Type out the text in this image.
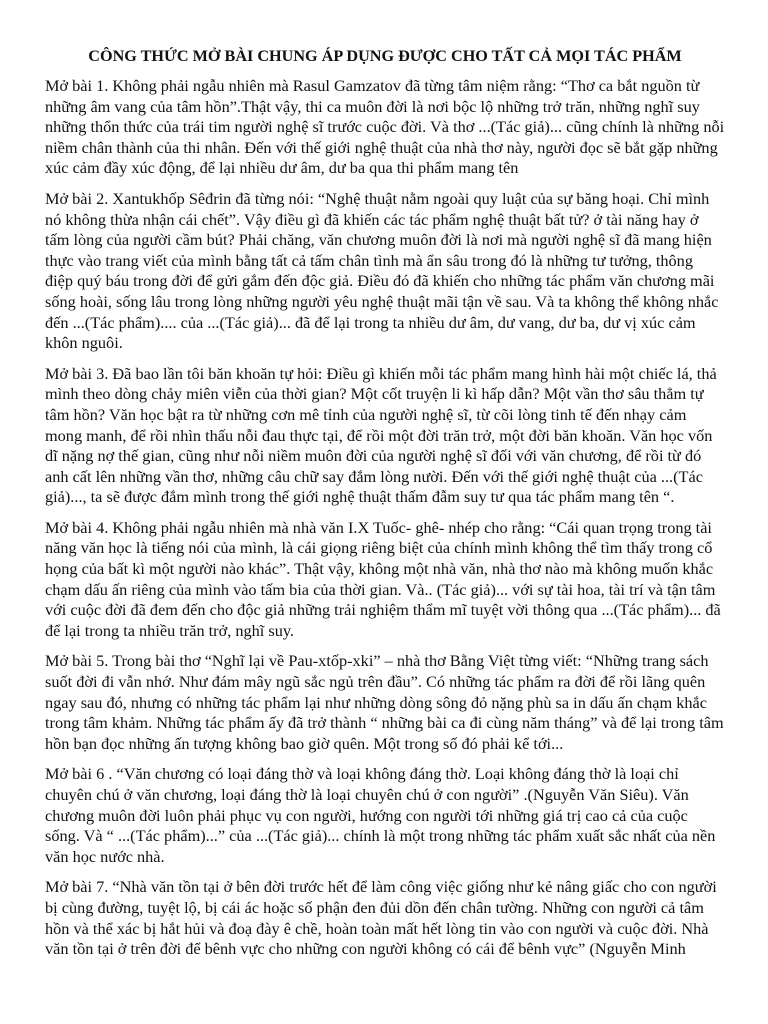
CÔNG THỨC MỞ BÀI CHUNG ÁP DỤNG ĐƯỢC CHO TẤT CẢ MỌI TÁC PHẨM

Mở bài 1. Không phải ngẫu nhiên mà Rasul Gamzatov đã từng tâm niệm rằng: “Thơ ca bắt nguồn từ những âm vang của tâm hồn”.Thật vậy, thi ca muôn đời là nơi bộc lộ những trở trăn, những nghĩ suy những thổn thức của trái tim người nghệ sĩ trước cuộc đời. Và thơ ...(Tác giả)... cũng chính là những nỗi niềm chân thành của thi nhân. Đến với thế giới nghệ thuật của nhà thơ này, người đọc sẽ bắt gặp những xúc cảm đầy xúc động, để lại nhiều dư âm, dư ba qua thi phẩm mang tên

Mở bài 2. Xantukhốp Sêđrin đã từng nói: “Nghệ thuật nằm ngoài quy luật của sự băng hoại. Chỉ mình nó không thừa nhận cái chết”. Vậy điều gì đã khiến các tác phẩm nghệ thuật bất tử? ở tài năng hay ở tấm lòng của người cầm bút? Phải chăng, văn chương muôn đời là nơi mà người nghệ sĩ đã mang hiện thực vào trang viết của mình bằng tất cả tấm chân tình mà ẩn sâu trong đó là những tư tưởng, thông điệp quý báu trong đời để gửi gắm đến độc giả. Điều đó đã khiến cho những tác phẩm văn chương mãi sống hoài, sống lâu trong lòng những người yêu nghệ thuật mãi tận về sau. Và ta không thể không nhắc đến ...(Tác phẩm).... của ...(Tác giả)... đã để lại trong ta nhiều dư âm, dư vang, dư ba, dư vị xúc cảm khôn nguôi.

Mở bài 3. Đã bao lần tôi băn khoăn tự hỏi: Điều gì khiến mỗi tác phẩm mang hình hài một chiếc lá, thả mình theo dòng chảy miên viễn của thời gian? Một cốt truyện li kì hấp dẫn? Một vần thơ sâu thẳm tự tâm hồn? Văn học bật ra từ những cơn mê tỉnh của người nghệ sĩ, từ cõi lòng tinh tế đến nhạy cảm mong manh, để rồi nhìn thấu nỗi đau thực tại, để rồi một đời trăn trở, một đời băn khoăn. Văn học vốn dĩ nặng nợ thế gian, cũng như nỗi niềm muôn đời của người nghệ sĩ đối với văn chương, để rồi từ đó anh cất lên những vần thơ, những câu chữ say đắm lòng nười. Đến với thế giới nghệ thuật của ...(Tác giả)..., ta sẽ được đắm mình trong thế giới nghệ thuật thấm đẫm suy tư qua tác phẩm mang tên “.

Mở bài 4. Không phải ngẫu nhiên mà nhà văn I.X Tuốc- ghê- nhép cho rằng: “Cái quan trọng trong tài năng văn học là tiếng nói của mình, là cái giọng riêng biệt của chính mình không thể tìm thấy trong cổ họng của bất kì một người nào khác”. Thật vậy, không một nhà văn, nhà thơ nào mà không muốn khắc chạm dấu ấn riêng của mình vào tấm bia của thời gian. Và.. (Tác giả)... với sự tài hoa, tài trí và tận tâm với cuộc đời đã đem đến cho độc giả những trải nghiệm thẩm mĩ tuyệt vời thông qua ...(Tác phẩm)... đã để lại trong ta nhiều trăn trở, nghĩ suy.

Mở bài 5. Trong bài thơ “Nghĩ lại về Pau-xtốp-xki” – nhà thơ Bằng Việt từng viết: “Những trang sách suốt đời đi vẫn nhớ. Như đám mây ngũ sắc ngủ trên đầu”. Có những tác phẩm ra đời để rồi lãng quên ngay sau đó, nhưng có những tác phẩm lại như những dòng sông đỏ nặng phù sa in dấu ấn chạm khắc trong tâm khảm. Những tác phẩm ấy đã trở thành “ những bài ca đi cùng năm tháng” và để lại trong tâm hồn bạn đọc những ấn tượng không bao giờ quên. Một trong số đó phải kể tới...

Mở bài 6 . “Văn chương có loại đáng thờ và loại không đáng thờ. Loại không đáng thờ là loại chỉ chuyên chú ở văn chương, loại đáng thờ là loại chuyên chú ở con người” .(Nguyễn Văn Siêu). Văn chương muôn đời luôn phải phục vụ con người, hướng con người tới những giá trị cao cả của cuộc sống. Và “ ...(Tác phẩm)...” của ...(Tác giả)... chính là một trong những tác phẩm xuất sắc nhất của nền văn học nước nhà.

Mở bài 7. “Nhà văn tồn tại ở bên đời trước hết để làm công việc giống như kẻ nâng giấc cho con người bị cùng đường, tuyệt lộ, bị cái ác hoặc số phận đen đủi dồn đến chân tường. Những con người cả tâm hồn và thể xác bị hắt hủi và đoạ đày ê chề, hoàn toàn mất hết lòng tin vào con người và cuộc đời. Nhà văn tồn tại ở trên đời để bênh vực cho những con người không có cái để bênh vực” (Nguyễn Minh
